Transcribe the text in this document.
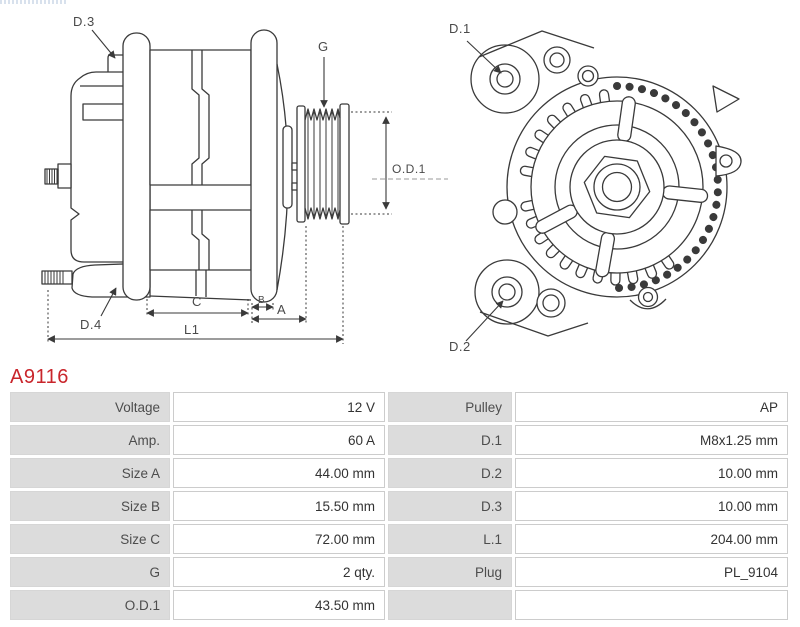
D.3
D.4
G
O.D.1
C	B
A
L1
D.1
D.2
A9116
Voltage	12 V	Pulley	AP
Amp.	60 A	D.1	M8x1.25 mm
Size A	44.00 mm	D.2	10.00 mm
Size B	15.50 mm	D.3	10.00 mm
Size C	72.00 mm	L.1	204.00 mm
G	2 qty.	Plug	PL_9104
O.D.1	43.50 mm
